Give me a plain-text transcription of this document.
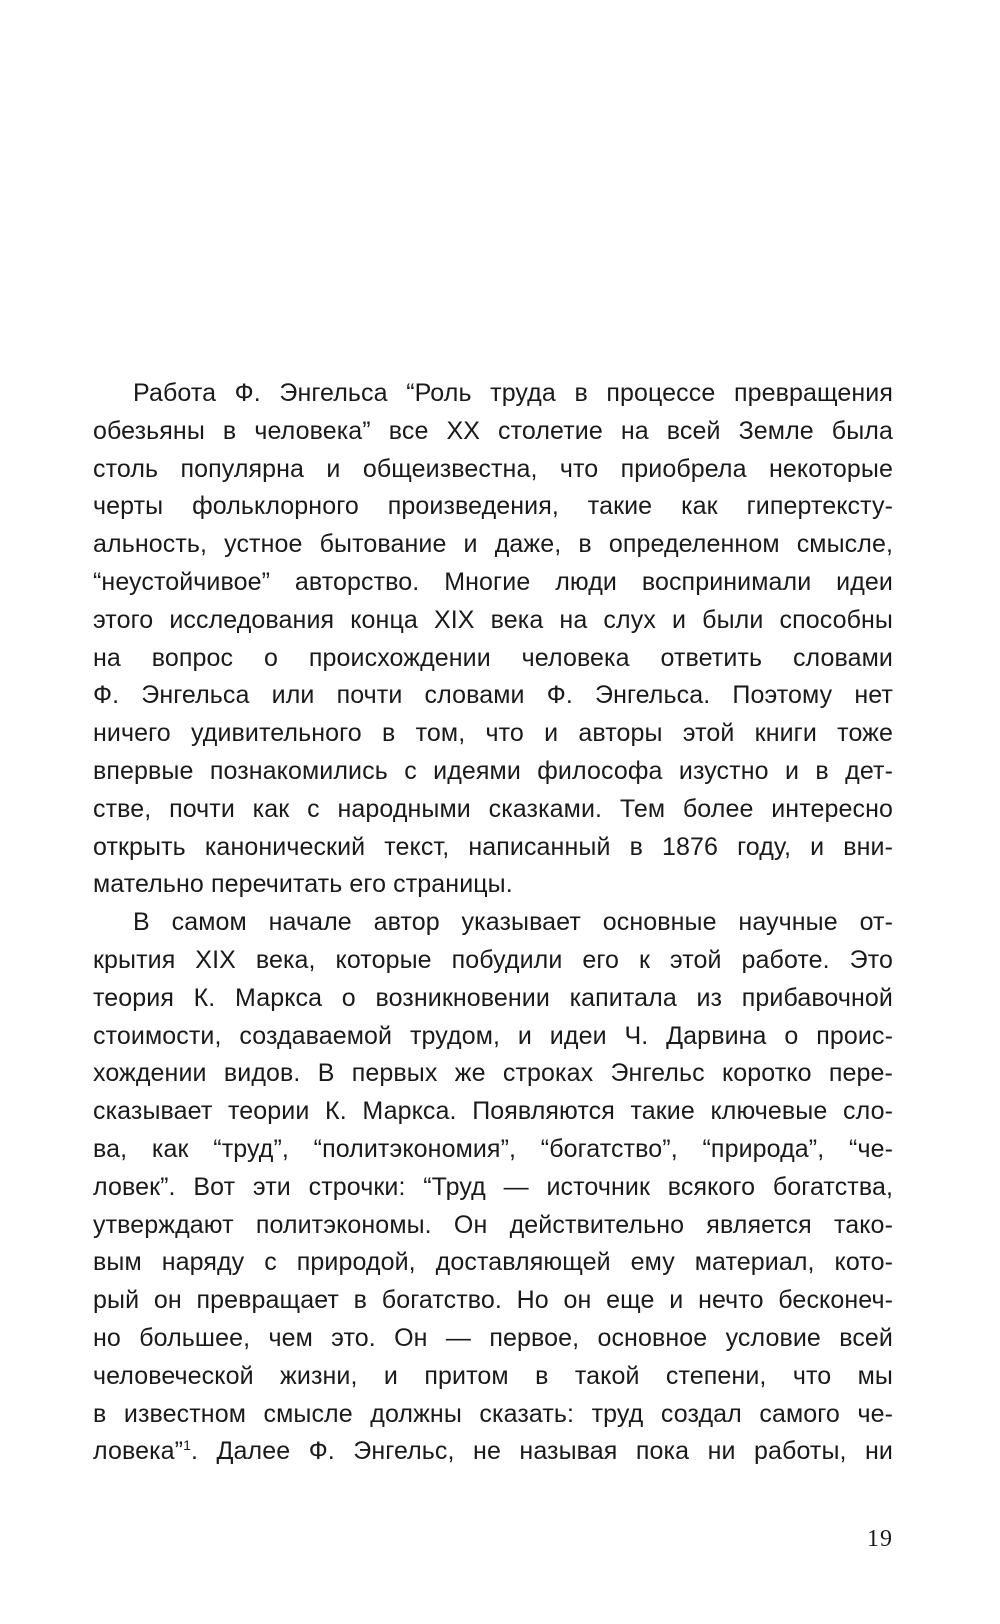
Работа Ф. Энгельса “Роль труда в процессе превращения
обезьяны в человека” все XX столетие на всей Земле была
столь популярна и общеизвестна, что приобрела некоторые
черты фольклорного произведения, такие как гипертексту-
альность, устное бытование и даже, в определенном смысле,
“неустойчивое” авторство. Многие люди воспринимали идеи
этого исследования конца XIX века на слух и были способны
на вопрос о происхождении человека ответить словами
Ф. Энгельса или почти словами Ф. Энгельса. Поэтому нет
ничего удивительного в том, что и авторы этой книги тоже
впервые познакомились с идеями философа изустно и в дет-
стве, почти как с народными сказками. Тем более интересно
открыть канонический текст, написанный в 1876 году, и вни-
мательно перечитать его страницы.
В самом начале автор указывает основные научные от-
крытия XIX века, которые побудили его к этой работе. Это
теория К. Маркса о возникновении капитала из прибавочной
стоимости, создаваемой трудом, и идеи Ч. Дарвина о проис-
хождении видов. В первых же строках Энгельс коротко пере-
сказывает теории К. Маркса. Появляются такие ключевые сло-
ва, как “труд”, “политэкономия”, “богатство”, “природа”, “че-
ловек”. Вот эти строчки: “Труд — источник всякого богатства,
утверждают политэкономы. Он действительно является тако-
вым наряду с природой, доставляющей ему материал, кото-
рый он превращает в богатство. Но он еще и нечто бесконеч-
но большее, чем это. Он — первое, основное условие всей
человеческой жизни, и притом в такой степени, что мы
в известном смысле должны сказать: труд создал самого че-
ловека”$^1$. Далее Ф. Энгельс, не называя пока ни работы, ни
19
